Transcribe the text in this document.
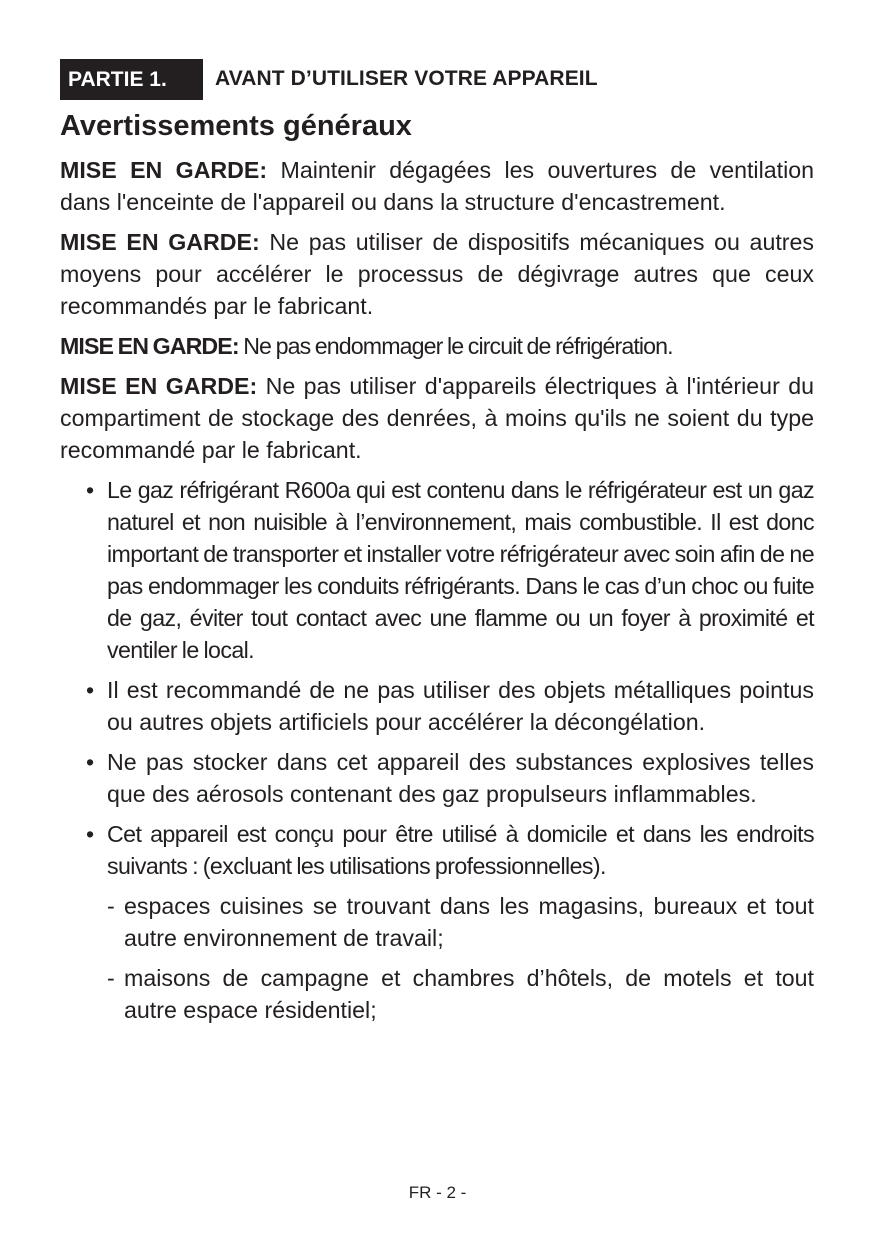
PARTIE 1.	AVANT D’UTILISER VOTRE APPAREIL
Avertissements généraux

MISE EN GARDE: Maintenir dégagées les ouvertures de ventilation dans l'enceinte de l'appareil ou dans la structure d'encastrement.

MISE EN GARDE: Ne pas utiliser de dispositifs mécaniques ou autres moyens pour accélérer le processus de dégivrage autres que ceux recommandés par le fabricant.

MISE EN GARDE: Ne pas endommager le circuit de réfrigération.

MISE EN GARDE: Ne pas utiliser d'appareils électriques à l'intérieur du compartiment de stockage des denrées, à moins qu'ils ne soient du type recommandé par le fabricant.

• Le gaz réfrigérant R600a qui est contenu dans le réfrigérateur est un gaz naturel et non nuisible à l’environnement, mais combustible. Il est donc important de transporter et installer votre réfrigérateur avec soin afin de ne pas endommager les conduits réfrigérants. Dans le cas d’un choc ou fuite de gaz, éviter tout contact avec une flamme ou un foyer à proximité et ventiler le local.
• Il est recommandé de ne pas utiliser des objets métalliques pointus ou autres objets artificiels pour accélérer la décongélation.
• Ne pas stocker dans cet appareil des substances explosives telles que des aérosols contenant des gaz propulseurs inflammables.
• Cet appareil est conçu pour être utilisé à domicile et dans les endroits suivants : (excluant les utilisations professionnelles).
- espaces cuisines se trouvant dans les magasins, bureaux et tout autre environnement de travail;
- maisons de campagne et chambres d’hôtels, de motels et tout autre espace résidentiel;
FR - 2 -
